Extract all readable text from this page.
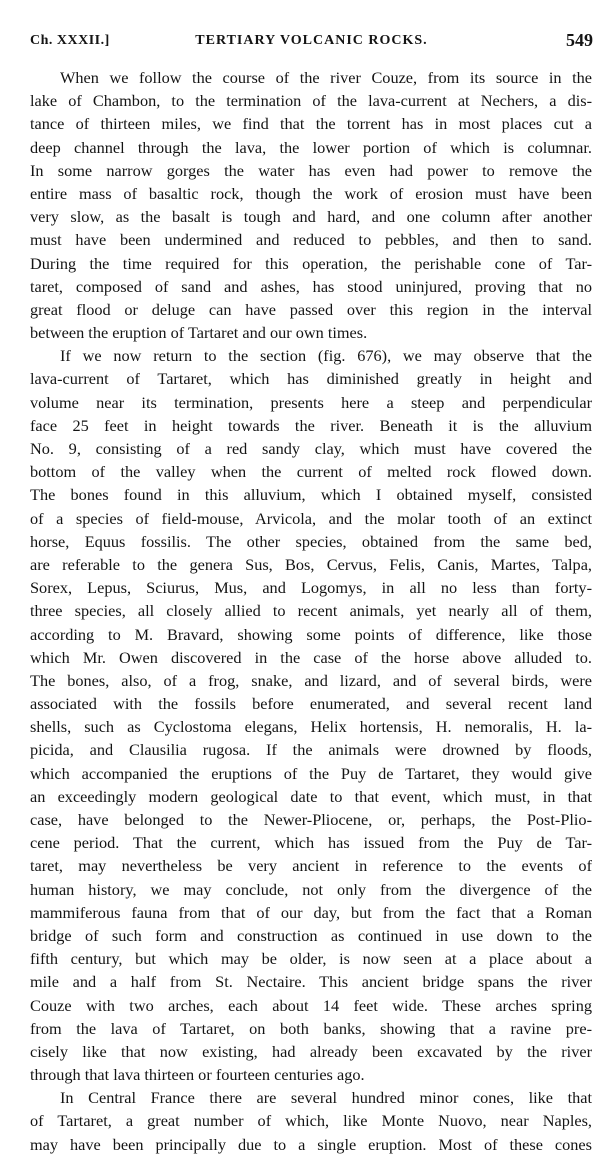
TERTIARY VOLCANIC ROCKS.
Ch. XXXII.]	549
When we follow the course of the river Couze, from its source in the
lake of Chambon, to the termination of the lava-current at Nechers, a dis-
tance of thirteen miles, we find that the torrent has in most places cut a
deep channel through the lava, the lower portion of which is columnar.
In some narrow gorges the water has even had power to remove the
entire mass of basaltic rock, though the work of erosion must have been
very slow, as the basalt is tough and hard, and one column after another
must have been undermined and reduced to pebbles, and then to sand.
During the time required for this operation, the perishable cone of Tar-
taret, composed of sand and ashes, has stood uninjured, proving that no
great flood or deluge can have passed over this region in the interval
between the eruption of Tartaret and our own times.
If we now return to the section (fig. 676), we may observe that the
lava-current of Tartaret, which has diminished greatly in height and
volume near its termination, presents here a steep and perpendicular
face 25 feet in height towards the river. Beneath it is the alluvium
No. 9, consisting of a red sandy clay, which must have covered the
bottom of the valley when the current of melted rock flowed down.
The bones found in this alluvium, which I obtained myself, consisted
of a species of field-mouse, Arvicola, and the molar tooth of an extinct
horse, Equus fossilis. The other species, obtained from the same bed,
are referable to the genera Sus, Bos, Cervus, Felis, Canis, Martes, Talpa,
Sorex, Lepus, Sciurus, Mus, and Logomys, in all no less than forty-
three species, all closely allied to recent animals, yet nearly all of them,
according to M. Bravard, showing some points of difference, like those
which Mr. Owen discovered in the case of the horse above alluded to.
The bones, also, of a frog, snake, and lizard, and of several birds, were
associated with the fossils before enumerated, and several recent land
shells, such as Cyclostoma elegans, Helix hortensis, H. nemoralis, H. la-
picida, and Clausilia rugosa. If the animals were drowned by floods,
which accompanied the eruptions of the Puy de Tartaret, they would give
an exceedingly modern geological date to that event, which must, in that
case, have belonged to the Newer-Pliocene, or, perhaps, the Post-Plio-
cene period. That the current, which has issued from the Puy de Tar-
taret, may nevertheless be very ancient in reference to the events of
human history, we may conclude, not only from the divergence of the
mammiferous fauna from that of our day, but from the fact that a Roman
bridge of such form and construction as continued in use down to the
fifth century, but which may be older, is now seen at a place about a
mile and a half from St. Nectaire. This ancient bridge spans the river
Couze with two arches, each about 14 feet wide. These arches spring
from the lava of Tartaret, on both banks, showing that a ravine pre-
cisely like that now existing, had already been excavated by the river
through that lava thirteen or fourteen centuries ago.
In Central France there are several hundred minor cones, like that
of Tartaret, a great number of which, like Monte Nuovo, near Naples,
may have been principally due to a single eruption. Most of these cones
